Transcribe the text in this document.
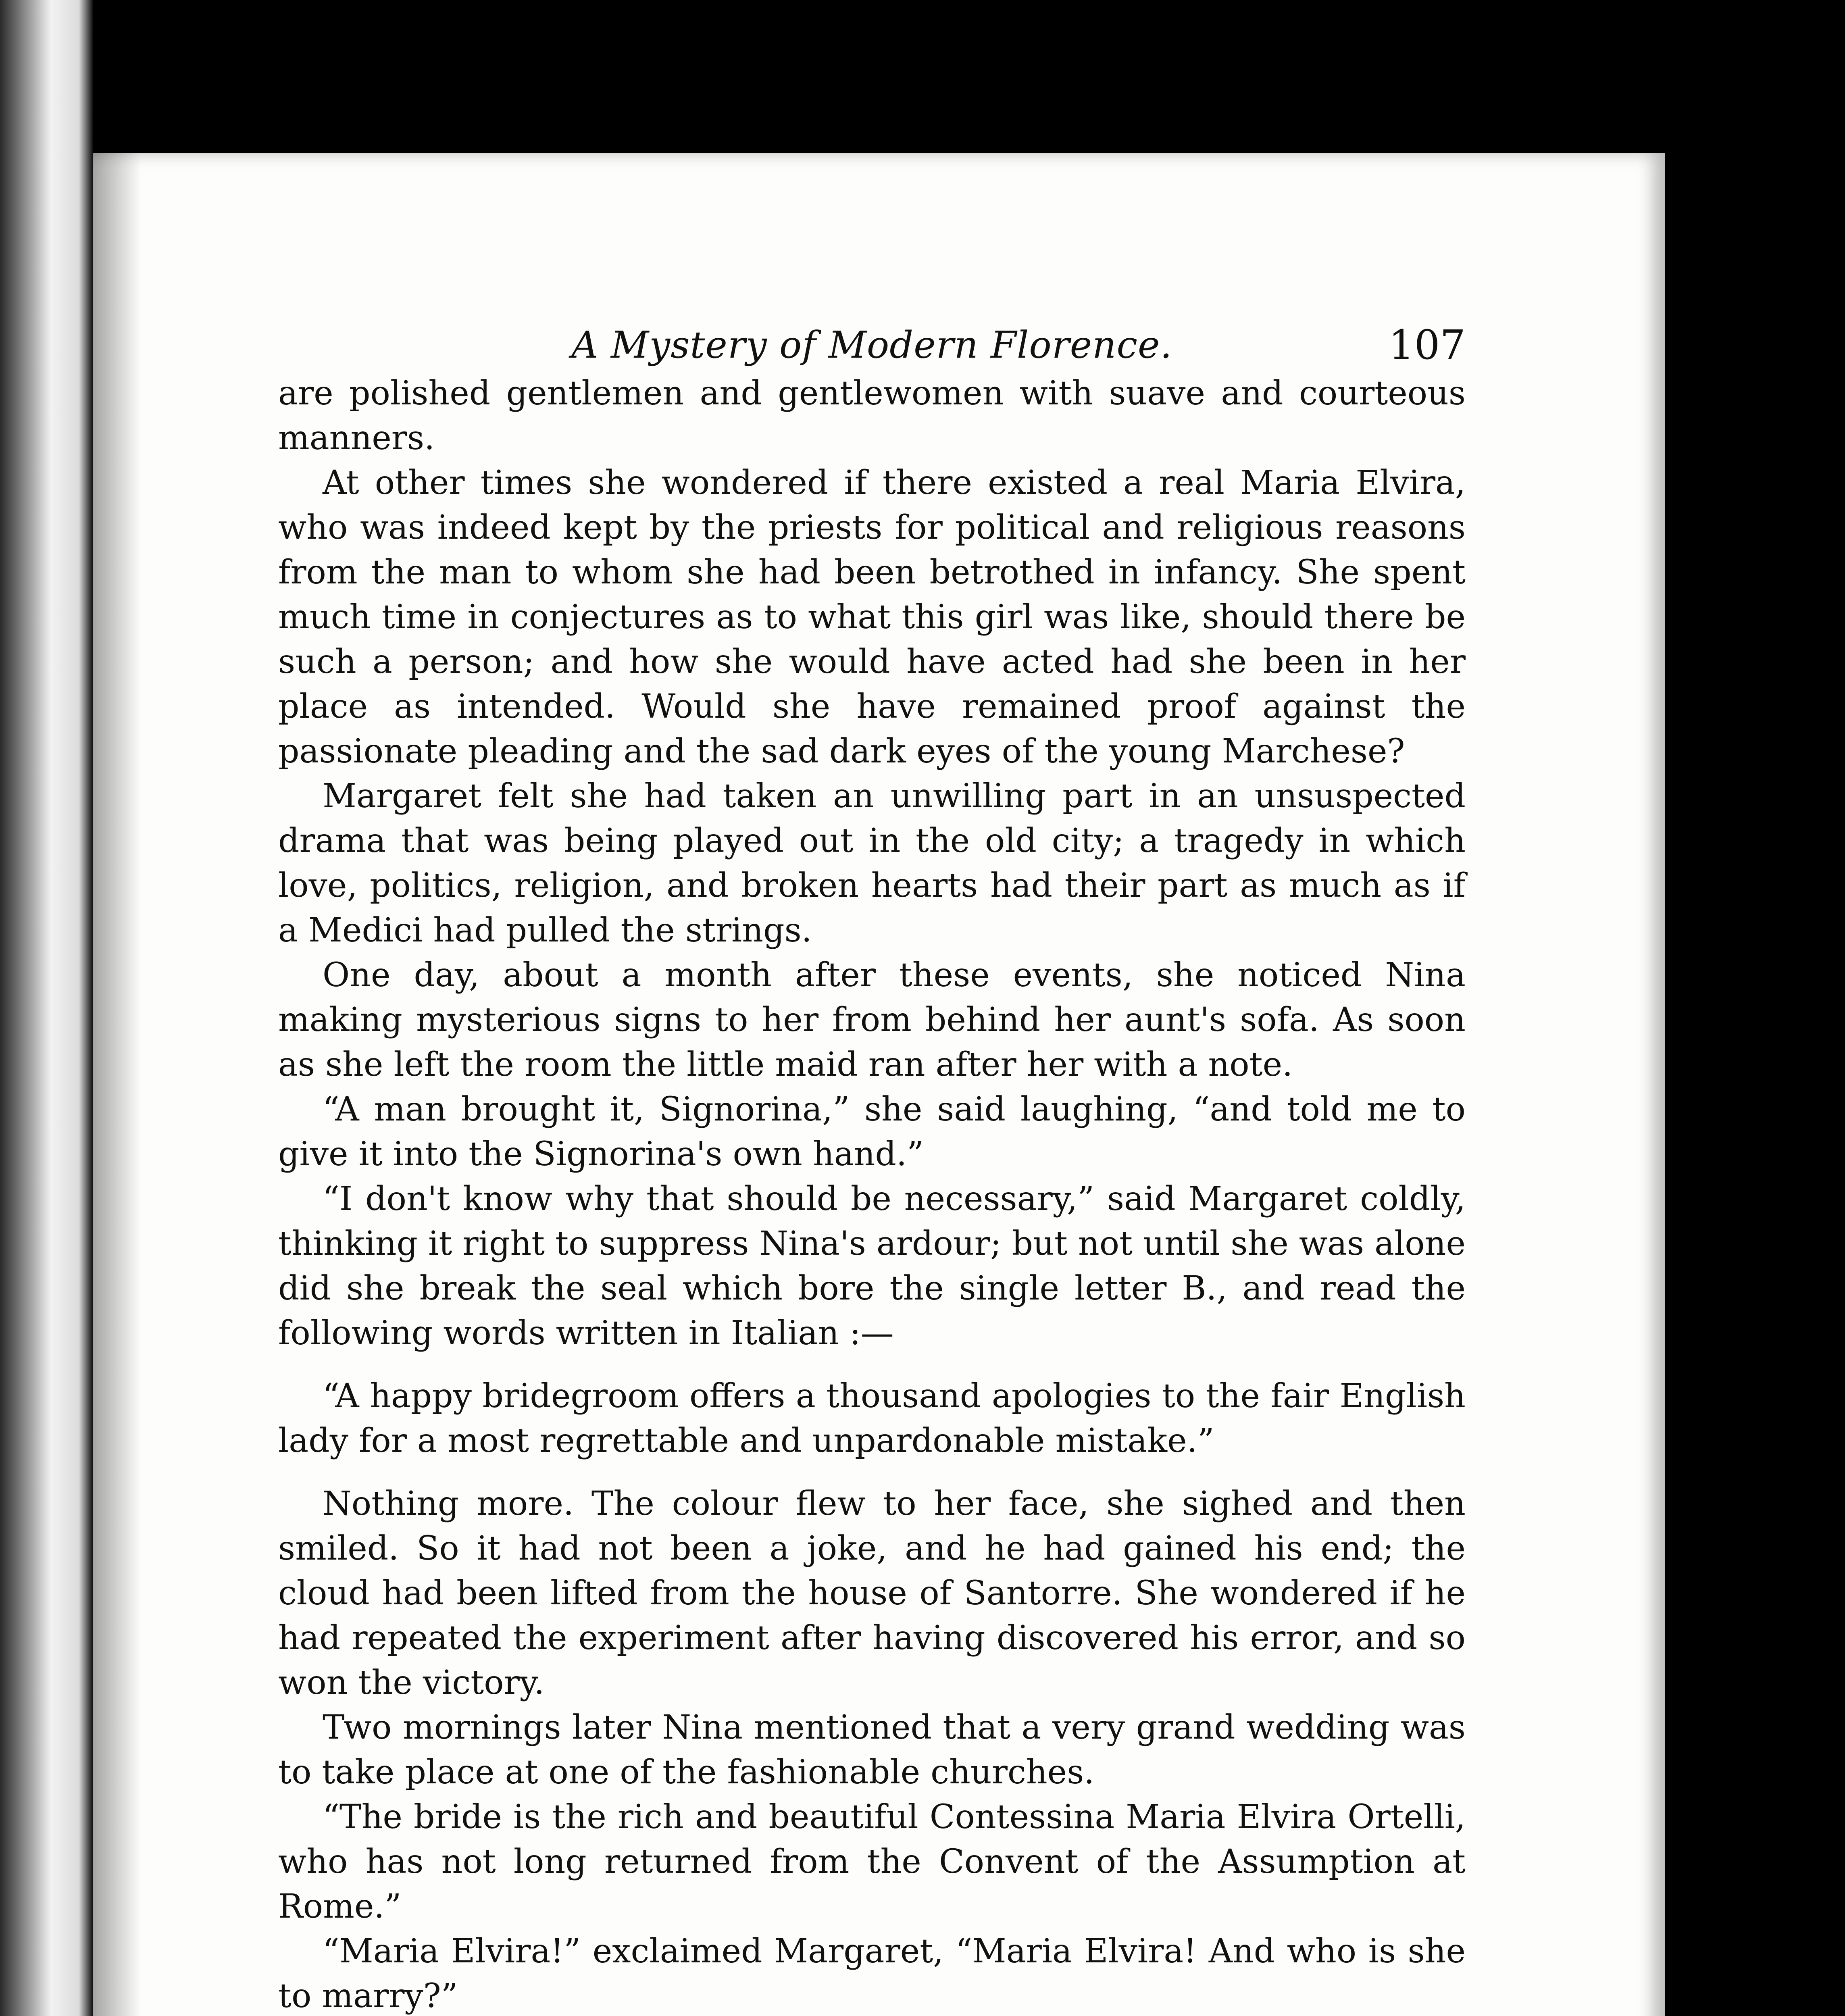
A Mystery of Modern Florence.	107

are polished gentlemen and gentlewomen with suave and courteous manners.

At other times she wondered if there existed a real Maria Elvira, who was indeed kept by the priests for political and religious reasons from the man to whom she had been betrothed in infancy. She spent much time in conjectures as to what this girl was like, should there be such a person; and how she would have acted had she been in her place as intended. Would she have remained proof against the passionate pleading and the sad dark eyes of the young Marchese?

Margaret felt she had taken an unwilling part in an unsuspected drama that was being played out in the old city; a tragedy in which love, politics, religion, and broken hearts had their part as much as if a Medici had pulled the strings.

One day, about a month after these events, she noticed Nina making mysterious signs to her from behind her aunt's sofa. As soon as she left the room the little maid ran after her with a note.

“A man brought it, Signorina,” she said laughing, “and told me to give it into the Signorina's own hand.”

“I don't know why that should be necessary,” said Margaret coldly, thinking it right to suppress Nina's ardour; but not until she was alone did she break the seal which bore the single letter B., and read the following words written in Italian :—

“A happy bridegroom offers a thousand apologies to the fair English lady for a most regrettable and unpardonable mistake.”

Nothing more. The colour flew to her face, she sighed and then smiled. So it had not been a joke, and he had gained his end; the cloud had been lifted from the house of Santorre. She wondered if he had repeated the experiment after having discovered his error, and so won the victory.

Two mornings later Nina mentioned that a very grand wedding was to take place at one of the fashionable churches.

“The bride is the rich and beautiful Contessina Maria Elvira Ortelli, who has not long returned from the Convent of the Assumption at Rome.”

“Maria Elvira!” exclaimed Margaret, “Maria Elvira! And who is she to marry?”
